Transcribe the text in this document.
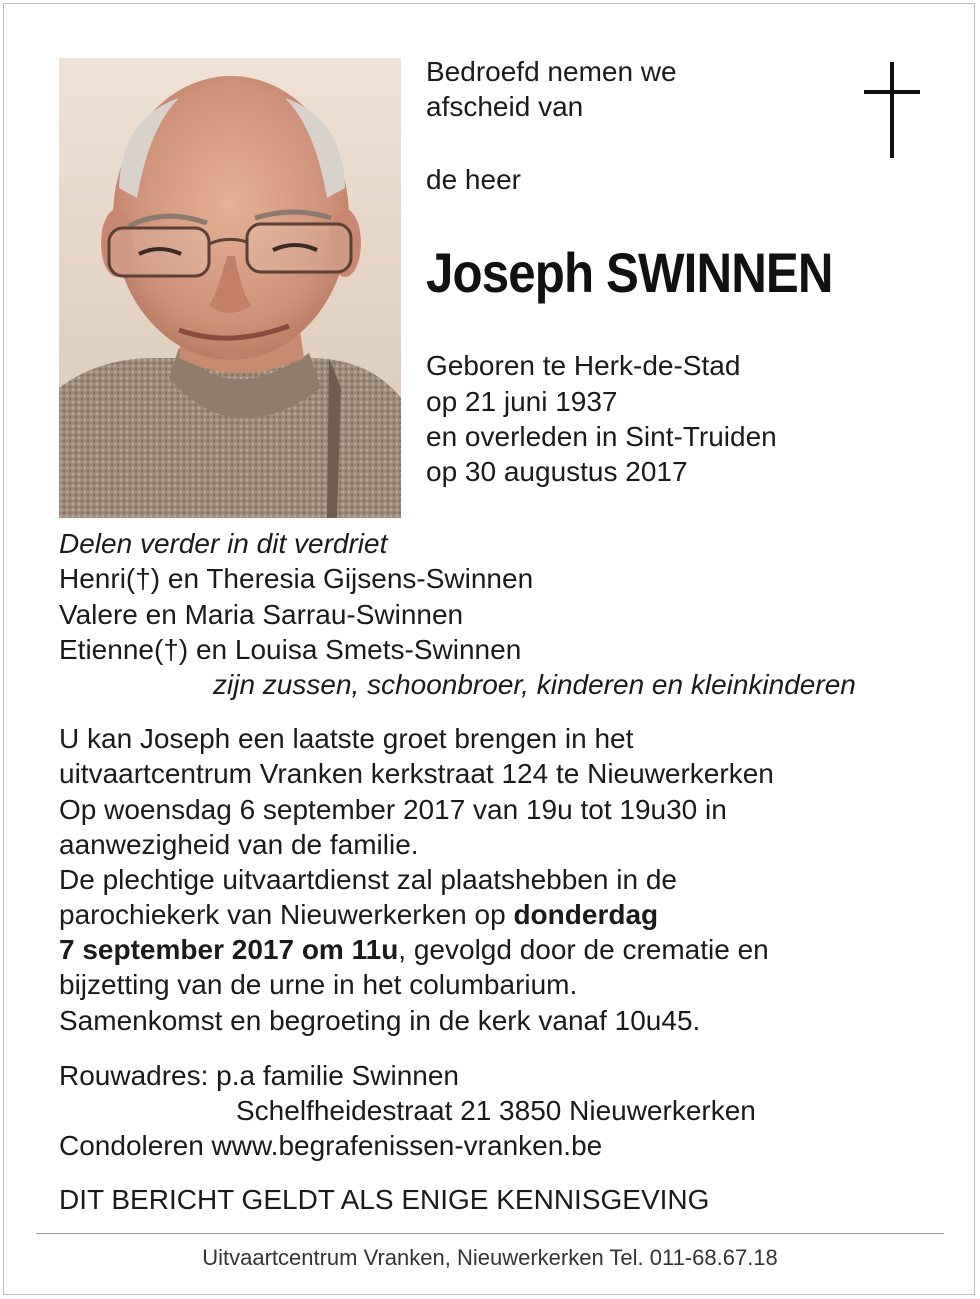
Bedroefd nemen we
afscheid van
de heer
Joseph SWINNEN
Geboren te Herk-de-Stad
op 21 juni 1937
en overleden in Sint-Truiden
op 30 augustus 2017
Delen verder in dit verdriet
Henri(†) en Theresia Gijsens-Swinnen
Valere en Maria Sarrau-Swinnen
Etienne(†) en Louisa Smets-Swinnen
zijn zussen, schoonbroer, kinderen en kleinkinderen
U kan Joseph een laatste groet brengen in het
uitvaartcentrum Vranken kerkstraat 124 te Nieuwerkerken
Op woensdag 6 september 2017 van 19u tot 19u30 in
aanwezigheid van de familie.
De plechtige uitvaartdienst zal plaatshebben in de
parochiekerk van Nieuwerkerken op donderdag
7 september 2017 om 11u, gevolgd door de crematie en
bijzetting van de urne in het columbarium.
Samenkomst en begroeting in de kerk vanaf 10u45.
Rouwadres: p.a familie Swinnen
Schelfheidestraat 21 3850 Nieuwerkerken
Condoleren www.begrafenissen-vranken.be
DIT BERICHT GELDT ALS ENIGE KENNISGEVING
Uitvaartcentrum Vranken, Nieuwerkerken Tel. 011-68.67.18
